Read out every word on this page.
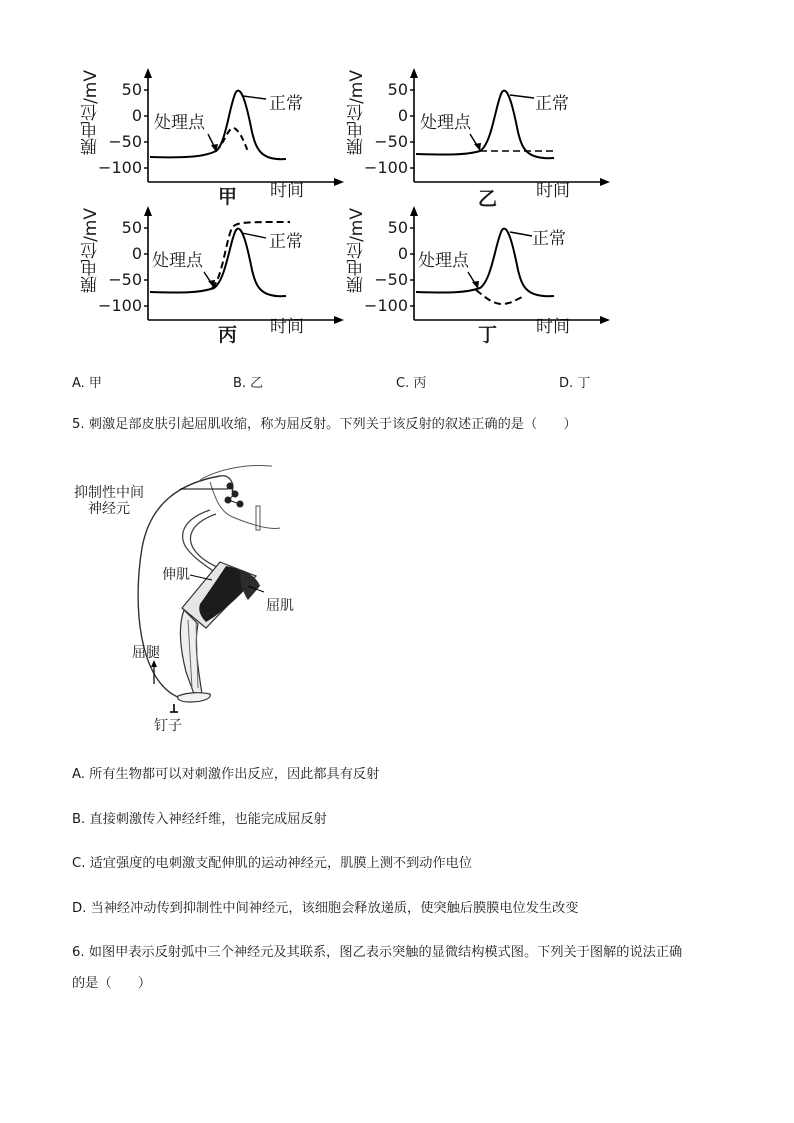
膜电位/mV	50
0
−50
−100
处理点
正常
时间
甲
膜电位/mV	50
0
−50
−100
处理点
正常
时间
乙
膜电位/mV	50
0
−50
−100
处理点
正常
时间
丙
膜电位/mV	50
0
−50
−100
处理点
正常
时间
丁
A. 甲	B. 乙	C. 丙	D. 丁
5. 刺激足部皮肤引起屈肌收缩，称为屈反射。下列关于该反射的叙述正确的是（　　）
抑制性中间
神经元
伸肌
屈肌
屈腿
钉子
A. 所有生物都可以对刺激作出反应，因此都具有反射
B. 直接刺激传入神经纤维，也能完成屈反射
C. 适宜强度的电刺激支配伸肌的运动神经元，肌膜上测不到动作电位
D. 当神经冲动传到抑制性中间神经元，该细胞会释放递质，使突触后膜膜电位发生改变
6. 如图甲表示反射弧中三个神经元及其联系，图乙表示突触的显微结构模式图。下列关于图解的说法正确
的是（　　）
